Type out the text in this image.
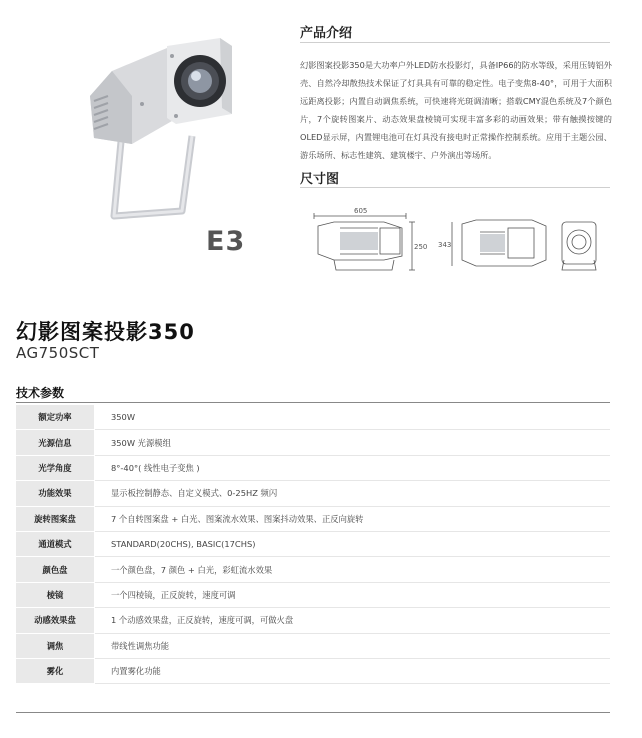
E3
产品介绍

幻影图案投影350是大功率户外LED防水投影灯，具备IP66的防水等级，采用压铸铝外壳、自然冷却散热技术保证了灯具具有可靠的稳定性。电子变焦8-40°，可用于大面积远距离投影；内置自动调焦系统，可快速将光斑调清晰；搭载CMY混色系统及7个颜色片，7个旋转图案片、动态效果盘棱镜可实现丰富多彩的动画效果；带有触摸按键的OLED显示屏，内置锂电池可在灯具没有接电时正常操作控制系统。应用于主题公园、游乐场所、标志性建筑、建筑楼宇、户外演出等场所。

尺寸图
605
250 343
幻影图案投影350
AG750SCT
技术参数
额定功率	350W
光源信息	350W 光源模组
光学角度	8°-40°( 线性电子变焦 )
功能效果	显示板控制静态、自定义模式、0-25HZ 频闪
旋转图案盘	7 个自转图案盘 + 白光、图案流水效果、图案抖动效果、正反向旋转
通道模式	STANDARD(20CHS), BASIC(17CHS)
颜色盘	一个颜色盘，7 颜色 + 白光，彩虹流水效果
棱镜	一个四棱镜，正反旋转，速度可调
动感效果盘	1 个动感效果盘，正反旋转，速度可调，可做火盘
调焦	带线性调焦功能
雾化	内置雾化功能
